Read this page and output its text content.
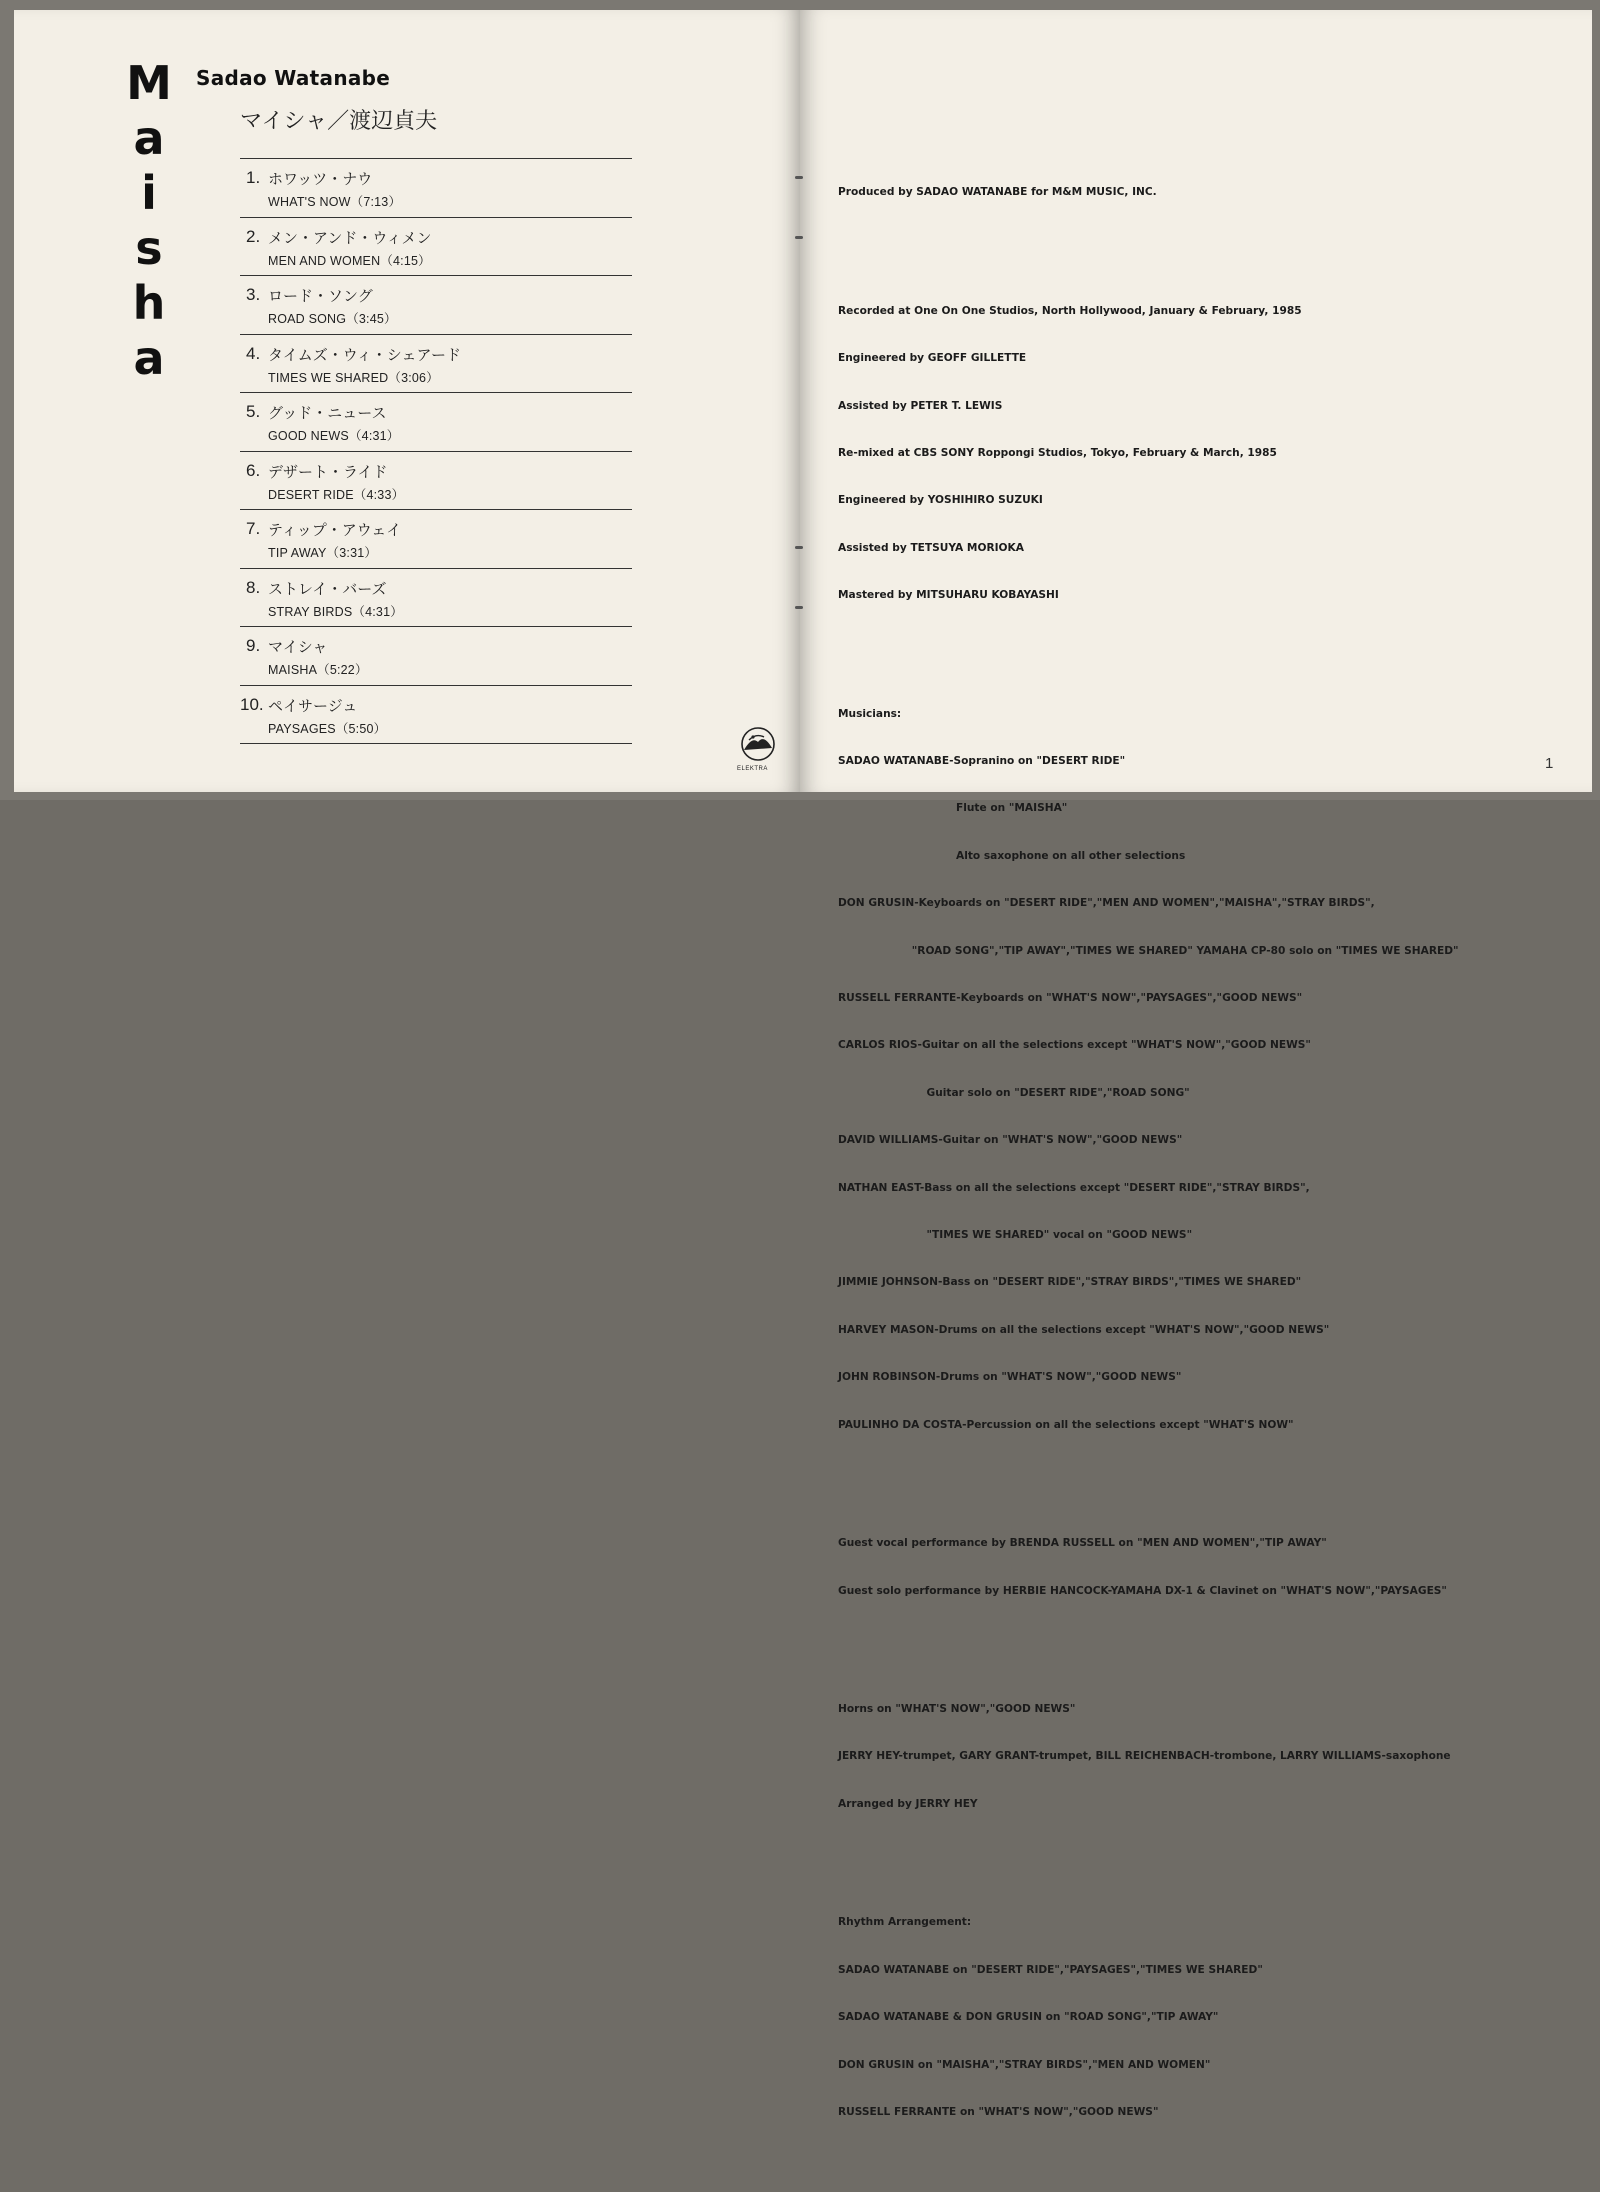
M
a
i
s
h
a
Sadao Watanabe
マイシャ／渡辺貞夫
1. ホワッツ・ナウ
WHAT'S NOW（7:13）
2. メン・アンド・ウィメン
MEN AND WOMEN（4:15）
3. ロード・ソング
ROAD SONG（3:45）
4. タイムズ・ウィ・シェアード
TIMES WE SHARED（3:06）
5. グッド・ニュース
GOOD NEWS（4:31）
6. デザート・ライド
DESERT RIDE（4:33）
7. ティップ・アウェイ
TIP AWAY（3:31）
8. ストレイ・バーズ
STRAY BIRDS（4:31）
9. マイシャ
MAISHA（5:22）
10. ペイサージュ
PAYSAGES（5:50）
ELEKTRA

Produced by SADAO WATANABE for M&M MUSIC, INC.

Recorded at One On One Studios, North Hollywood, January & February, 1985

Engineered by GEOFF GILLETTE

Assisted by PETER T. LEWIS

Re-mixed at CBS SONY Roppongi Studios, Tokyo, February & March, 1985

Engineered by YOSHIHIRO SUZUKI

Assisted by TETSUYA MORIOKA

Mastered by MITSUHARU KOBAYASHI

Musicians:

SADAO WATANABE-Sopranino on "DESERT RIDE"

Flute on "MAISHA"

Alto saxophone on all other selections

DON GRUSIN-Keyboards on "DESERT RIDE","MEN AND WOMEN","MAISHA","STRAY BIRDS",

"ROAD SONG","TIP AWAY","TIMES WE SHARED" YAMAHA CP-80 solo on "TIMES WE SHARED"

RUSSELL FERRANTE-Keyboards on "WHAT'S NOW","PAYSAGES","GOOD NEWS"

CARLOS RIOS-Guitar on all the selections except "WHAT'S NOW","GOOD NEWS"

Guitar solo on "DESERT RIDE","ROAD SONG"

DAVID WILLIAMS-Guitar on "WHAT'S NOW","GOOD NEWS"

NATHAN EAST-Bass on all the selections except "DESERT RIDE","STRAY BIRDS",

"TIMES WE SHARED" vocal on "GOOD NEWS"

JIMMIE JOHNSON-Bass on "DESERT RIDE","STRAY BIRDS","TIMES WE SHARED"

HARVEY MASON-Drums on all the selections except "WHAT'S NOW","GOOD NEWS"

JOHN ROBINSON-Drums on "WHAT'S NOW","GOOD NEWS"

PAULINHO DA COSTA-Percussion on all the selections except "WHAT'S NOW"

Guest vocal performance by BRENDA RUSSELL on "MEN AND WOMEN","TIP AWAY"

Guest solo performance by HERBIE HANCOCK-YAMAHA DX-1 & Clavinet on "WHAT'S NOW","PAYSAGES"

Horns on "WHAT'S NOW","GOOD NEWS"

JERRY HEY-trumpet, GARY GRANT-trumpet, BILL REICHENBACH-trombone, LARRY WILLIAMS-saxophone

Arranged by JERRY HEY

Rhythm Arrangement:

SADAO WATANABE on "DESERT RIDE","PAYSAGES","TIMES WE SHARED"

SADAO WATANABE & DON GRUSIN on "ROAD SONG","TIP AWAY"

DON GRUSIN on "MAISHA","STRAY BIRDS","MEN AND WOMEN"

RUSSELL FERRANTE on "WHAT'S NOW","GOOD NEWS"

1
